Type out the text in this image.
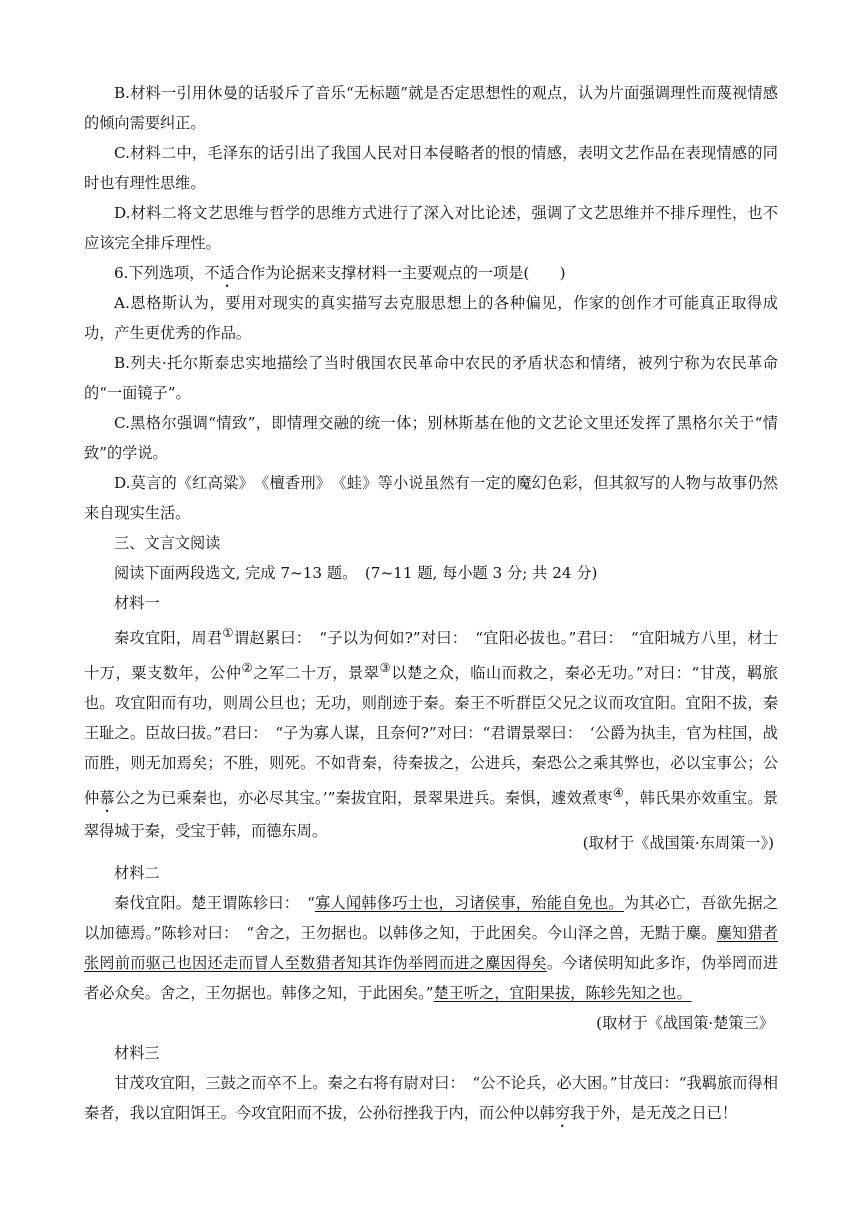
B.材料一引用休曼的话驳斥了音乐“无标题”就是否定思想性的观点，认为片面强调理性而蔑视情感的倾向需要纠正。
C.材料二中，毛泽东的话引出了我国人民对日本侵略者的恨的情感，表明文艺作品在表现情感的同时也有理性思维。
D.材料二将文艺思维与哲学的思维方式进行了深入对比论述，强调了文艺思维并不排斥理性，也不应该完全排斥理性。
6.下列选项，不适合作为论据来支撑材料一主要观点的一项是(　　)
A.恩格斯认为，要用对现实的真实描写去克服思想上的各种偏见，作家的创作才可能真正取得成功，产生更优秀的作品。
B.列夫·托尔斯泰忠实地描绘了当时俄国农民革命中农民的矛盾状态和情绪，被列宁称为农民革命的“一面镜子”。
C.黑格尔强调“情致”，即情理交融的统一体；别林斯基在他的文艺论文里还发挥了黑格尔关于“情致”的学说。
D.莫言的《红高粱》　《檀香刑》　《蛙》等小说虽然有一定的魔幻色彩，但其叙写的人物与故事仍然来自现实生活。
三、文言文阅读
阅读下面两段选文, 完成 7~13 题。　(7~11 题, 每小题 3 分; 共 24 分)
材料一
秦攻宜阳，周君①谓赵累曰：　“子以为何如?”对曰：　“宜阳必拔也。”君曰：　“宜阳城方八里，材士十万，粟支数年，公仲②之军二十万，景翠③以楚之众，临山而救之，秦必无功。”对曰：“甘茂，羁旅也。攻宜阳而有功，则周公旦也；无功，则削迹于秦。秦王不听群臣父兄之议而攻宜阳。宜阳不拔，秦王耻之。臣故曰拔。”君曰：　“子为寡人谋，且奈何?”对曰：“君谓景翠曰：　‘公爵为执圭，官为柱国，战而胜，则无加焉矣；不胜，则死。不如背秦，待秦拔之，公进兵，秦恐公之乘其弊也，必以宝事公；公仲慕公之为已乘秦也，亦必尽其宝。’”秦拔宜阳，景翠果进兵。秦惧，遽效煮枣④，韩氏果亦效重宝。景翠得城于秦，受宝于韩，而德东周。
(取材于《战国策·东周策一》)
材料二
秦伐宜阳。楚王谓陈轸曰：　“寡人闻韩侈巧士也，习诸侯事，殆能自免也。为其必亡，吾欲先据之以加德焉。”陈轸对曰：　“舍之，王勿据也。以韩侈之知，于此困矣。今山泽之兽，无黠于麋。麋知猎者张罔前而驱己也因还走而冒人至数猎者知其诈伪举罔而进之麋因得矣。今诸侯明知此多诈，伪举罔而进者必众矣。舍之，王勿据也。韩侈之知，于此困矣。”楚王听之，宜阳果拔，陈轸先知之也。
(取材于《战国策·楚策三》
材料三
甘茂攻宜阳，三鼓之而卒不上。秦之右将有尉对曰：　“公不论兵，必大困。”甘茂曰：“我羁旅而得相秦者，我以宜阳饵王。今攻宜阳而不拔，公孙衍挫我于内，而公仲以韩穷我于外，是无茂之日已！
